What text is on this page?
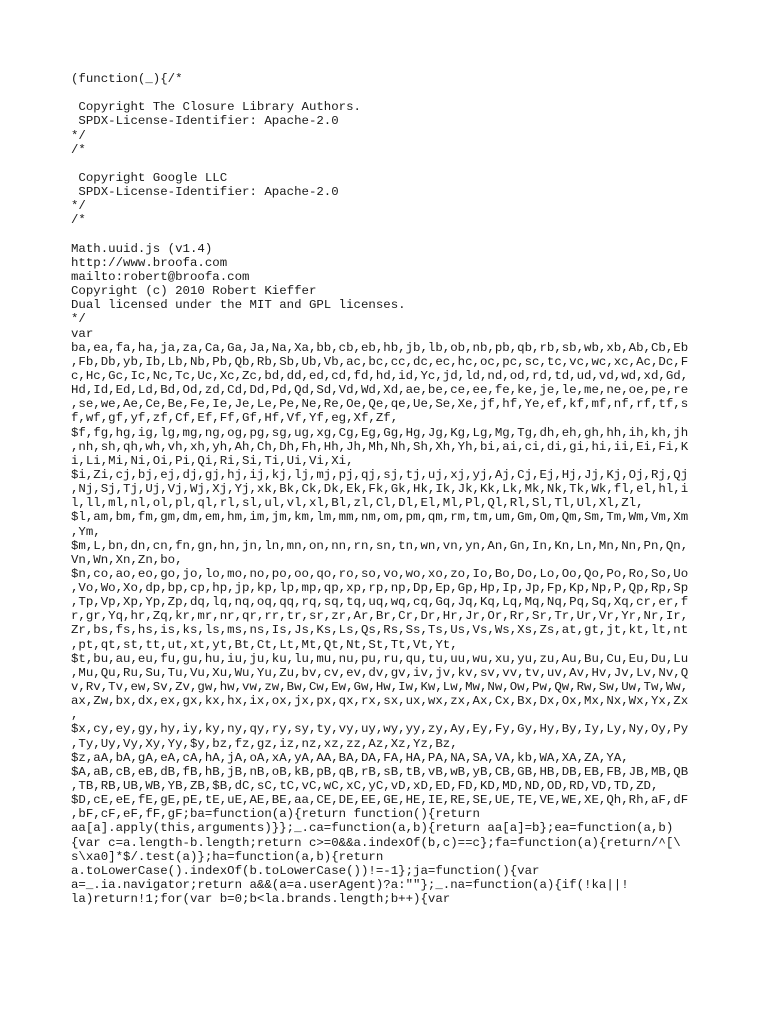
(function(_){/*
Copyright The Closure Library Authors.
SPDX-License-Identifier: Apache-2.0
*/
/*
Copyright Google LLC
SPDX-License-Identifier: Apache-2.0
*/
/*
Math.uuid.js (v1.4)
http://www.broofa.com
mailto:robert@broofa.com
Copyright (c) 2010 Robert Kieffer
Dual licensed under the MIT and GPL licenses.
*/
var
ba,ea,fa,ha,ja,za,Ca,Ga,Ja,Na,Xa,bb,cb,eb,hb,jb,lb,ob,nb,pb,qb,rb,sb,wb,xb,Ab,Cb,Eb
,Fb,Db,yb,Ib,Lb,Nb,Pb,Qb,Rb,Sb,Ub,Vb,ac,bc,cc,dc,ec,hc,oc,pc,sc,tc,vc,wc,xc,Ac,Dc,F
c,Hc,Gc,Ic,Nc,Tc,Uc,Xc,Zc,bd,dd,ed,cd,fd,hd,id,Yc,jd,ld,nd,od,rd,td,ud,vd,wd,xd,Gd,
Hd,Id,Ed,Ld,Bd,Od,zd,Cd,Dd,Pd,Qd,Sd,Vd,Wd,Xd,ae,be,ce,ee,fe,ke,je,le,me,ne,oe,pe,re
,se,we,Ae,Ce,Be,Fe,Ie,Je,Le,Pe,Ne,Re,Oe,Qe,qe,Ue,Se,Xe,jf,hf,Ye,ef,kf,mf,nf,rf,tf,s
f,wf,gf,yf,zf,Cf,Ef,Ff,Gf,Hf,Vf,Yf,eg,Xf,Zf,
$f,fg,hg,ig,lg,mg,ng,og,pg,sg,ug,xg,Cg,Eg,Gg,Hg,Jg,Kg,Lg,Mg,Tg,dh,eh,gh,hh,ih,kh,jh
,nh,sh,qh,wh,vh,xh,yh,Ah,Ch,Dh,Fh,Hh,Jh,Mh,Nh,Sh,Xh,Yh,bi,ai,ci,di,gi,hi,ii,Ei,Fi,K
i,Li,Mi,Ni,Oi,Pi,Qi,Ri,Si,Ti,Ui,Vi,Xi,
$i,Zi,cj,bj,ej,dj,gj,hj,ij,kj,lj,mj,pj,qj,sj,tj,uj,xj,yj,Aj,Cj,Ej,Hj,Jj,Kj,Oj,Rj,Qj
,Nj,Sj,Tj,Uj,Vj,Wj,Xj,Yj,xk,Bk,Ck,Dk,Ek,Fk,Gk,Hk,Ik,Jk,Kk,Lk,Mk,Nk,Tk,Wk,fl,el,hl,i
l,ll,ml,nl,ol,pl,ql,rl,sl,ul,vl,xl,Bl,zl,Cl,Dl,El,Ml,Pl,Ql,Rl,Sl,Tl,Ul,Xl,Zl,
$l,am,bm,fm,gm,dm,em,hm,im,jm,km,lm,mm,nm,om,pm,qm,rm,tm,um,Gm,Om,Qm,Sm,Tm,Wm,Vm,Xm
,Ym,
$m,L,bn,dn,cn,fn,gn,hn,jn,ln,mn,on,nn,rn,sn,tn,wn,vn,yn,An,Gn,In,Kn,Ln,Mn,Nn,Pn,Qn,
Vn,Wn,Xn,Zn,bo,
$n,co,ao,eo,go,jo,lo,mo,no,po,oo,qo,ro,so,vo,wo,xo,zo,Io,Bo,Do,Lo,Oo,Qo,Po,Ro,So,Uo
,Vo,Wo,Xo,dp,bp,cp,hp,jp,kp,lp,mp,qp,xp,rp,np,Dp,Ep,Gp,Hp,Ip,Jp,Fp,Kp,Np,P,Qp,Rp,Sp
,Tp,Vp,Xp,Yp,Zp,dq,lq,nq,oq,qq,rq,sq,tq,uq,wq,cq,Gq,Jq,Kq,Lq,Mq,Nq,Pq,Sq,Xq,cr,er,f
r,gr,Yq,hr,Zq,kr,mr,nr,qr,rr,tr,sr,zr,Ar,Br,Cr,Dr,Hr,Jr,Or,Rr,Sr,Tr,Ur,Vr,Yr,Nr,Ir,
Zr,bs,fs,hs,is,ks,ls,ms,ns,Is,Js,Ks,Ls,Qs,Rs,Ss,Ts,Us,Vs,Ws,Xs,Zs,at,gt,jt,kt,lt,nt
,pt,qt,st,tt,ut,xt,yt,Bt,Ct,Lt,Mt,Qt,Nt,St,Tt,Vt,Yt,
$t,bu,au,eu,fu,gu,hu,iu,ju,ku,lu,mu,nu,pu,ru,qu,tu,uu,wu,xu,yu,zu,Au,Bu,Cu,Eu,Du,Lu
,Mu,Qu,Ru,Su,Tu,Vu,Xu,Wu,Yu,Zu,bv,cv,ev,dv,gv,iv,jv,kv,sv,vv,tv,uv,Av,Hv,Jv,Lv,Nv,Q
v,Rv,Tv,ew,Sv,Zv,gw,hw,vw,zw,Bw,Cw,Ew,Gw,Hw,Iw,Kw,Lw,Mw,Nw,Ow,Pw,Qw,Rw,Sw,Uw,Tw,Ww,
ax,Zw,bx,dx,ex,gx,kx,hx,ix,ox,jx,px,qx,rx,sx,ux,wx,zx,Ax,Cx,Bx,Dx,Ox,Mx,Nx,Wx,Yx,Zx
,
$x,cy,ey,gy,hy,iy,ky,ny,qy,ry,sy,ty,vy,uy,wy,yy,zy,Ay,Ey,Fy,Gy,Hy,By,Iy,Ly,Ny,Oy,Py
,Ty,Uy,Vy,Xy,Yy,$y,bz,fz,gz,iz,nz,xz,zz,Az,Xz,Yz,Bz,
$z,aA,bA,gA,eA,cA,hA,jA,oA,xA,yA,AA,BA,DA,FA,HA,PA,NA,SA,VA,kb,WA,XA,ZA,YA,
$A,aB,cB,eB,dB,fB,hB,jB,nB,oB,kB,pB,qB,rB,sB,tB,vB,wB,yB,CB,GB,HB,DB,EB,FB,JB,MB,QB
,TB,RB,UB,WB,YB,ZB,$B,dC,sC,tC,vC,wC,xC,yC,vD,xD,ED,FD,KD,MD,ND,OD,RD,VD,TD,ZD,
$D,cE,eE,fE,gE,pE,tE,uE,AE,BE,aa,CE,DE,EE,GE,HE,IE,RE,SE,UE,TE,VE,WE,XE,Qh,Rh,aF,dF
,bF,cF,eF,fF,gF;ba=function(a){return function(){return
aa[a].apply(this,arguments)}};_.ca=function(a,b){return aa[a]=b};ea=function(a,b)
{var c=a.length-b.length;return c>=0&&a.indexOf(b,c)==c};fa=function(a){return/^[\
s\xa0]*$/.test(a)};ha=function(a,b){return
a.toLowerCase().indexOf(b.toLowerCase())!=-1};ja=function(){var
a=_.ia.navigator;return a&&(a=a.userAgent)?a:""};_.na=function(a){if(!ka||!
la)return!1;for(var b=0;b<la.brands.length;b++){var
